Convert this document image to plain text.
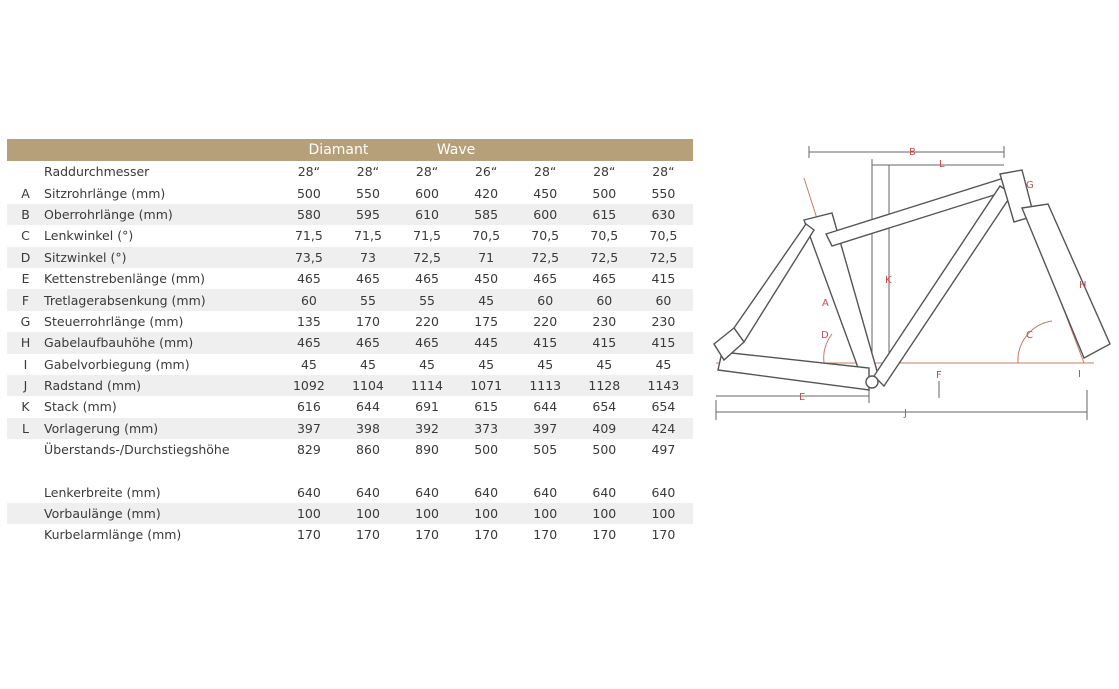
		Diamant		Wave				
	Raddurchmesser	28“	28“	28“	26“	28“	28“	28“
A	Sitzrohrlänge (mm)	500	550	600	420	450	500	550
B	Oberrohrlänge (mm)	580	595	610	585	600	615	630
C	Lenkwinkel (°)	71,5	71,5	71,5	70,5	70,5	70,5	70,5
D	Sitzwinkel (°)	73,5	73	72,5	71	72,5	72,5	72,5
E	Kettenstrebenlänge (mm)	465	465	465	450	465	465	415
F	Tretlagerabsenkung (mm)	60	55	55	45	60	60	60
G	Steuerrohrlänge (mm)	135	170	220	175	220	230	230
H	Gabelaufbauhöhe (mm)	465	465	465	445	415	415	415
I	Gabelvorbiegung (mm)	45	45	45	45	45	45	45
J	Radstand (mm)	1092	1104	1114	1071	1113	1128	1143
K	Stack (mm)	616	644	691	615	644	654	654
L	Vorlagerung (mm)	397	398	392	373	397	409	424
	Überstands-/Durchstiegshöhe	829	860	890	500	505	500	497

	Lenkerbreite (mm)	640	640	640	640	640	640	640
	Vorbaulänge (mm)	100	100	100	100	100	100	100
	Kurbelarmlänge (mm)	170	170	170	170	170	170	170
B
L
K
A
D
G
H
C
I
F
E
J
